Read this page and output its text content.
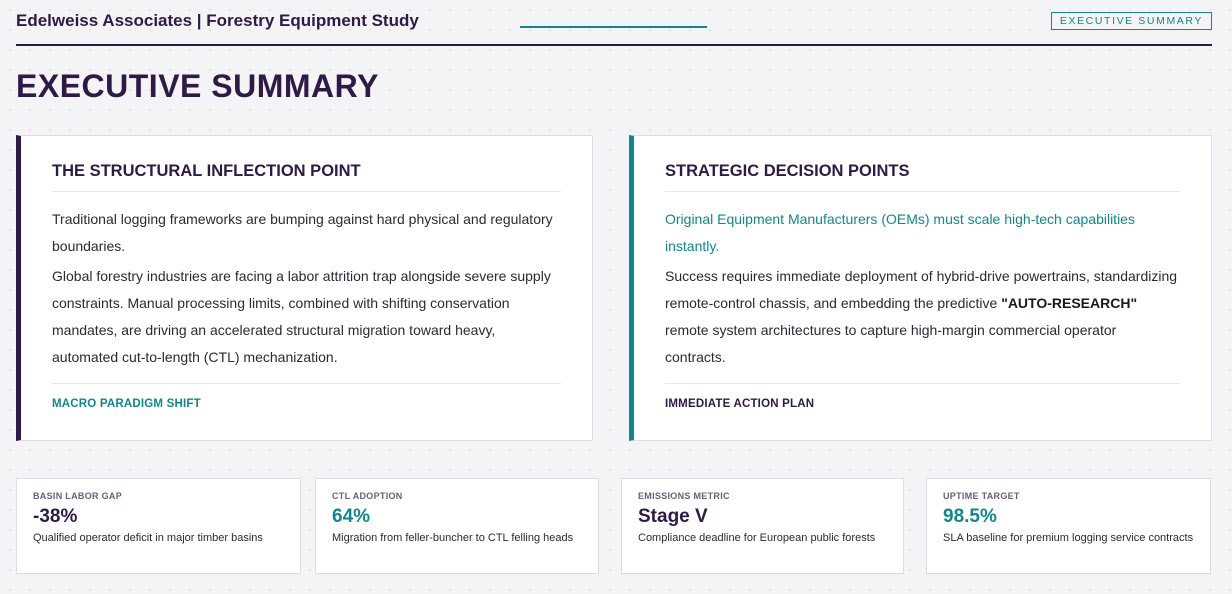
Edelweiss Associates | Forestry Equipment Study	EXECUTIVE SUMMARY
EXECUTIVE SUMMARY
THE STRUCTURAL INFLECTION POINT

Traditional logging frameworks are bumping against hard physical and regulatory boundaries.

Global forestry industries are facing a labor attrition trap alongside severe supply constraints. Manual processing limits, combined with shifting conservation mandates, are driving an accelerated structural migration toward heavy, automated cut-to-length (CTL) mechanization.

MACRO PARADIGM SHIFT
STRATEGIC DECISION POINTS

Original Equipment Manufacturers (OEMs) must scale high-tech capabilities instantly.

Success requires immediate deployment of hybrid-drive powertrains, standardizing remote-control chassis, and embedding the predictive "AUTO-RESEARCH" remote system architectures to capture high-margin commercial operator contracts.

IMMEDIATE ACTION PLAN
BASIN LABOR GAP
-38%
Qualified operator deficit in major timber basins
CTL ADOPTION
64%
Migration from feller-buncher to CTL felling heads
EMISSIONS METRIC
Stage V
Compliance deadline for European public forests
UPTIME TARGET
98.5%
SLA baseline for premium logging service contracts
